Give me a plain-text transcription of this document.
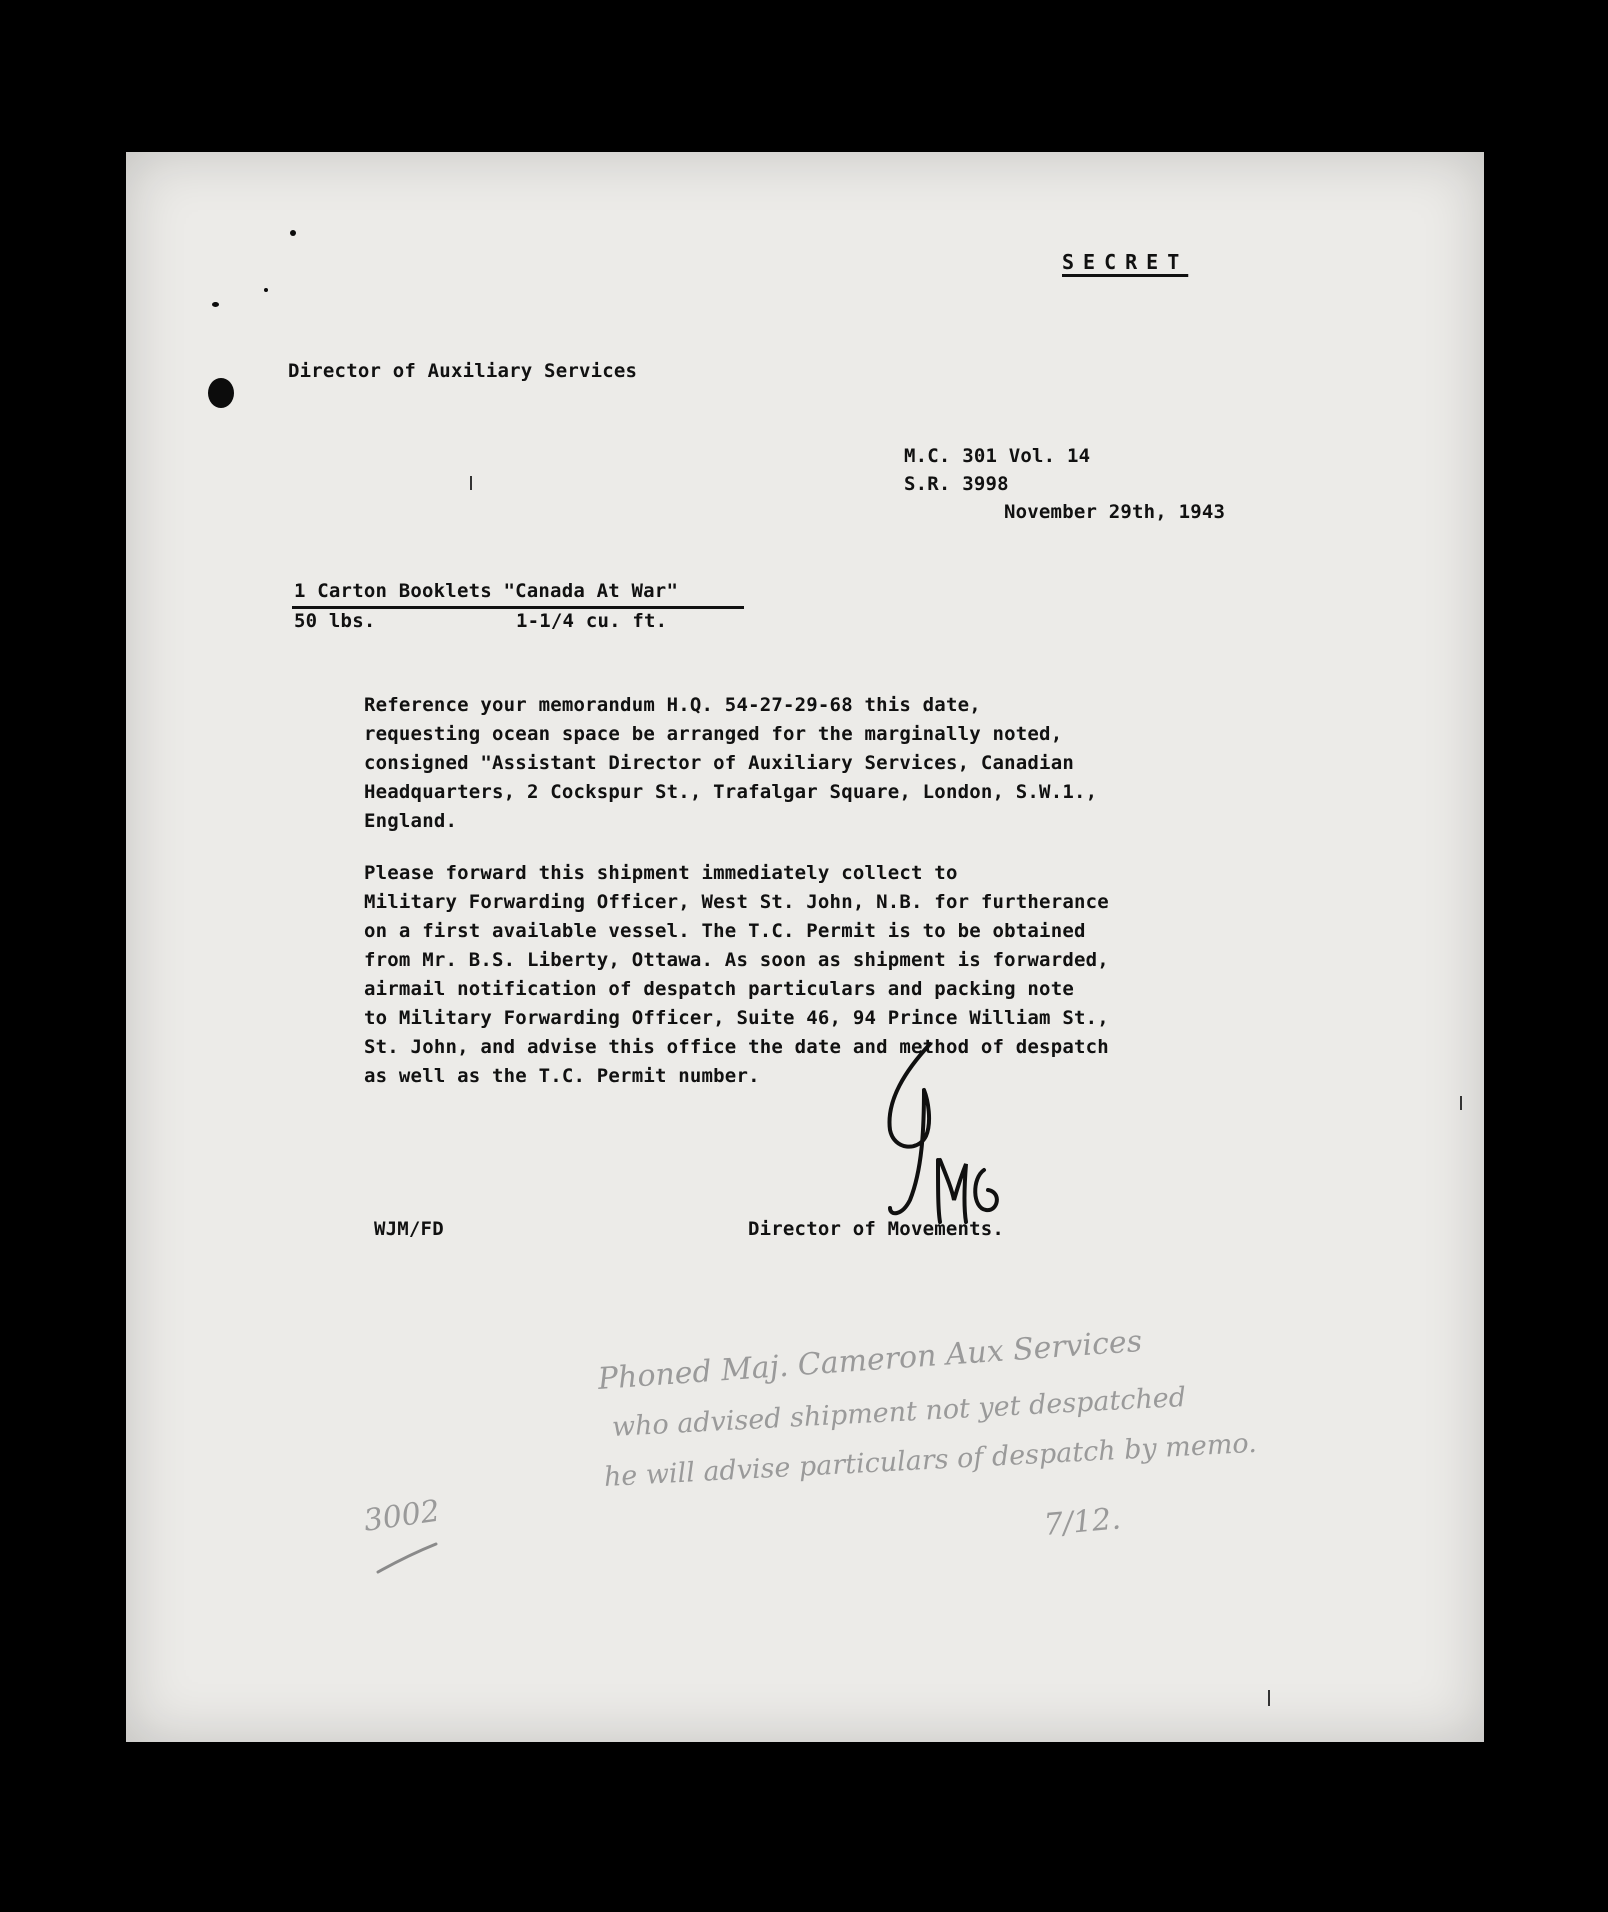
SECRET
Director of Auxiliary Services
M.C. 301 Vol. 14
S.R. 3998
November 29th, 1943
1 Carton Booklets "Canada At War"
50 lbs.	1-1/4 cu. ft.
Reference your memorandum H.Q. 54-27-29-68 this date,
requesting ocean space be arranged for the marginally noted,
consigned "Assistant Director of Auxiliary Services, Canadian
Headquarters, 2 Cockspur St., Trafalgar Square, London, S.W.1.,
England.
Please forward this shipment immediately collect to
Military Forwarding Officer, West St. John, N.B. for furtherance
on a first available vessel. The T.C. Permit is to be obtained
from Mr. B.S. Liberty, Ottawa. As soon as shipment is forwarded,
airmail notification of despatch particulars and packing note
to Military Forwarding Officer, Suite 46, 94 Prince William St.,
St. John, and advise this office the date and method of despatch
as well as the T.C. Permit number.
WJM/FD	Director of Movements.
Phoned Maj. Cameron Aux Services
who advised shipment not yet despatched
he will advise particulars of despatch by memo.
7/12.
3002
